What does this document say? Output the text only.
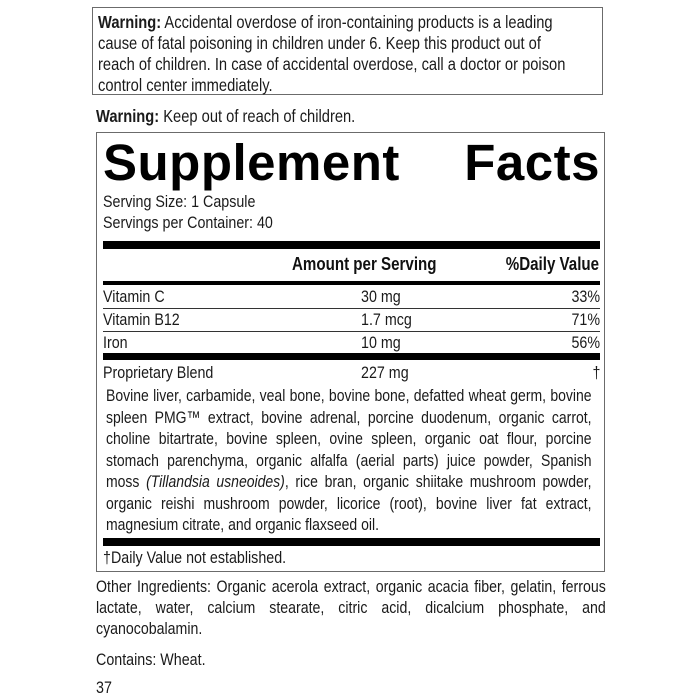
Warning: Accidental overdose of iron-containing products is a leading
cause of fatal poisoning in children under 6. Keep this product out of
reach of children. In case of accidental overdose, call a doctor or poison
control center immediately.
Warning: Keep out of reach of children.
Supplement Facts
Serving Size: 1 Capsule
Servings per Container: 40
Amount per Serving	%Daily Value
Vitamin C	30 mg	33%
Vitamin B12	1.7 mcg	71%
Iron	10 mg	56%
Proprietary Blend	227 mg	†
Bovine liver, carbamide, veal bone, bovine bone, defatted wheat germ, bovine spleen PMG™ extract, bovine adrenal, porcine duodenum, organic carrot, choline bitartrate, bovine spleen, ovine spleen, organic oat flour, porcine stomach parenchyma, organic alfalfa (aerial parts) juice powder, Spanish moss (Tillandsia usneoides), rice bran, organic shiitake mushroom powder, organic reishi mushroom powder, licorice (root), bovine liver fat extract, magnesium citrate, and organic flaxseed oil.
†Daily Value not established.
Other Ingredients: Organic acerola extract, organic acacia fiber, gelatin, ferrous lactate, water, calcium stearate, citric acid, dicalcium phosphate, and cyanocobalamin.
Contains: Wheat.
37
